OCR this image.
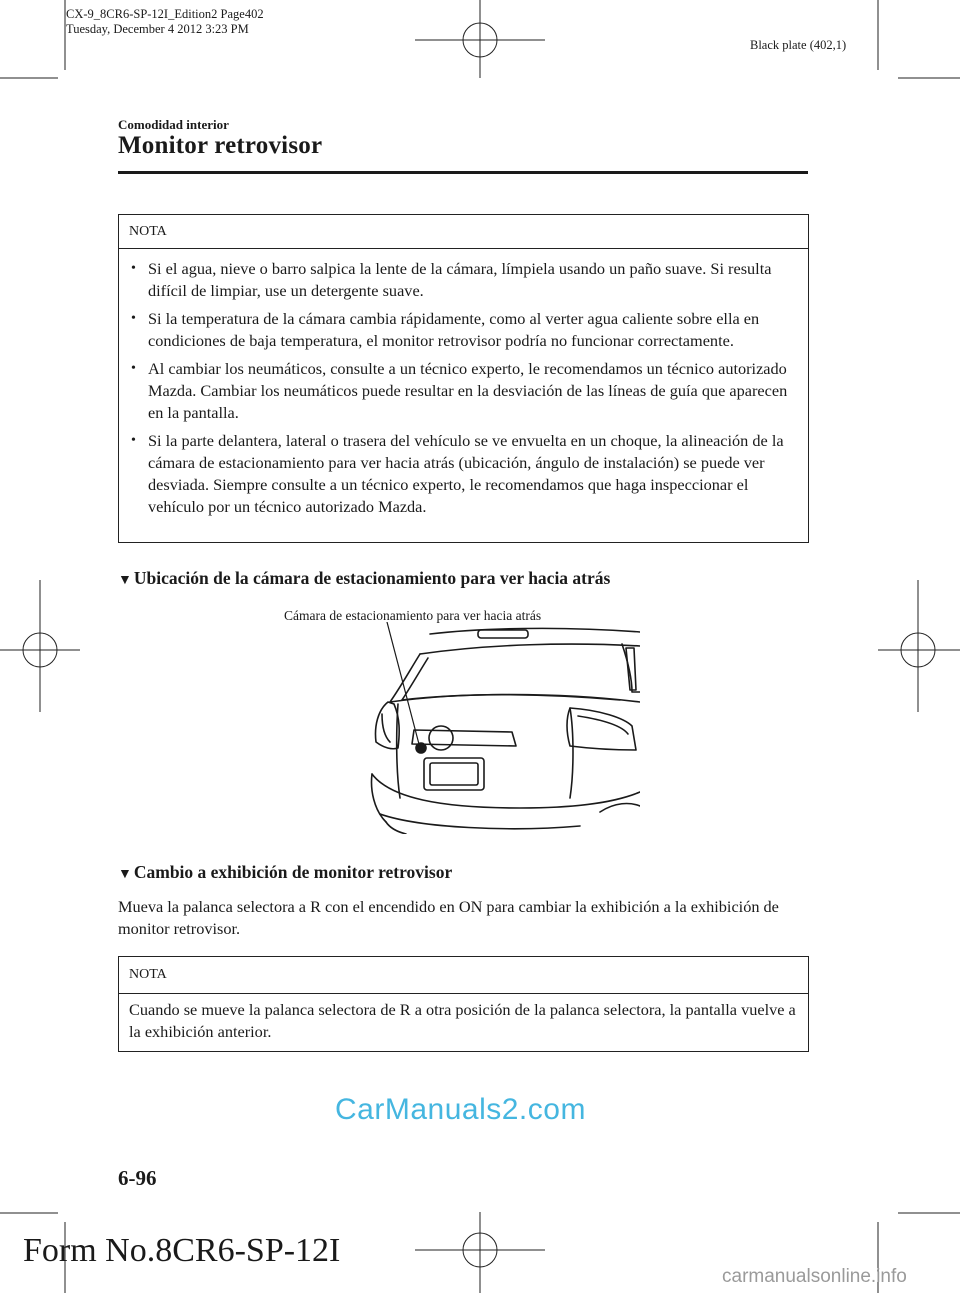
CX-9_8CR6-SP-12I_Edition2 Page402
Tuesday, December 4 2012 3:23 PM
Black plate (402,1)
Comodidad interior
Monitor retrovisor
NOTA
• Si el agua, nieve o barro salpica la lente de la cámara, límpiela usando un paño suave. Si resulta difícil de limpiar, use un detergente suave.
• Si la temperatura de la cámara cambia rápidamente, como al verter agua caliente sobre ella en condiciones de baja temperatura, el monitor retrovisor podría no funcionar correctamente.
• Al cambiar los neumáticos, consulte a un técnico experto, le recomendamos un técnico autorizado Mazda. Cambiar los neumáticos puede resultar en la desviación de las líneas de guía que aparecen en la pantalla.
• Si la parte delantera, lateral o trasera del vehículo se ve envuelta en un choque, la alineación de la cámara de estacionamiento para ver hacia atrás (ubicación, ángulo de instalación) se puede ver desviada. Siempre consulte a un técnico experto, le recomendamos que haga inspeccionar el vehículo por un técnico autorizado Mazda.
▼ Ubicación de la cámara de estacionamiento para ver hacia atrás
Cámara de estacionamiento para ver hacia atrás
▼ Cambio a exhibición de monitor retrovisor
Mueva la palanca selectora a R con el encendido en ON para cambiar la exhibición a la exhibición de monitor retrovisor.
NOTA
Cuando se mueve la palanca selectora de R a otra posición de la palanca selectora, la pantalla vuelve a la exhibición anterior.
CarManuals2.com
6-96
Form No.8CR6-SP-12I
carmanualsonline.info
